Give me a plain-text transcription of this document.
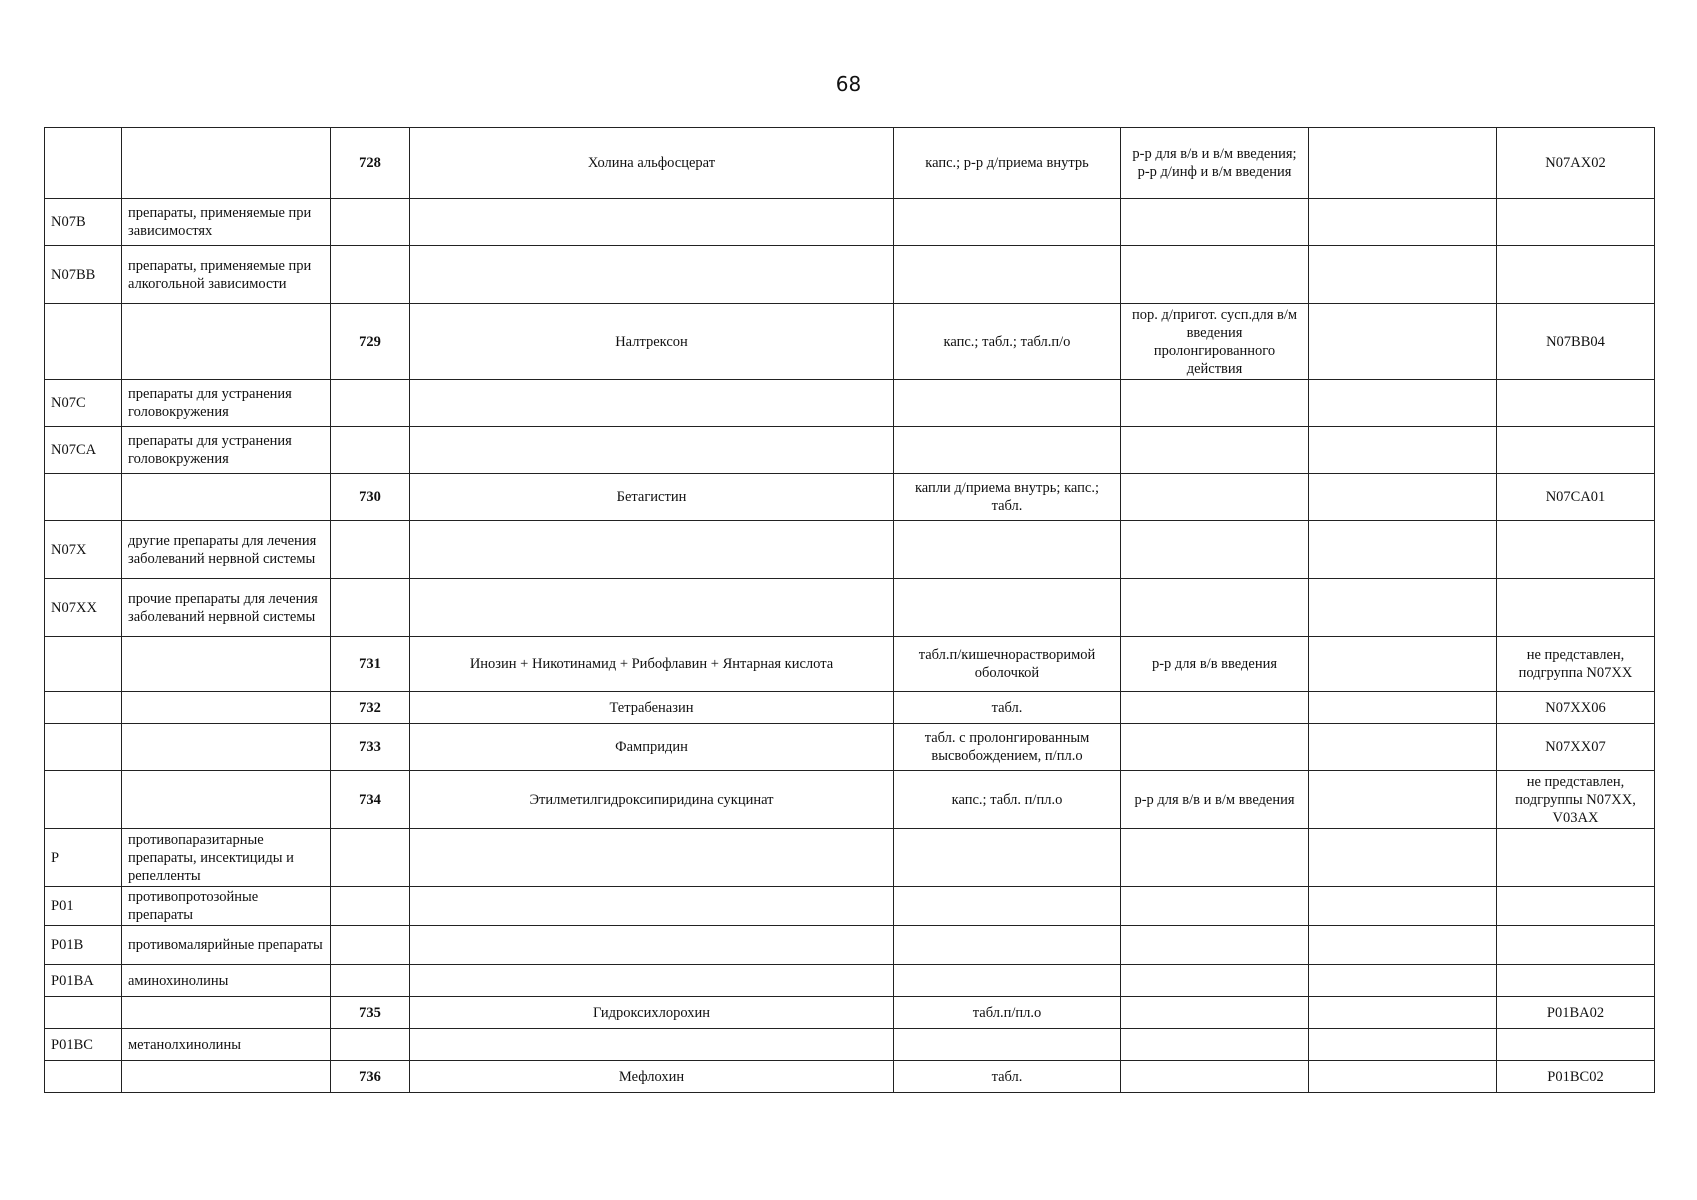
68
		728	Холина альфосцерат	капс.; р-р д/приема внутрь	р-р для в/в и в/м введения; р-р д/инф и в/м введения		N07AX02
N07B	препараты, применяемые при зависимостях						
N07BB	препараты, применяемые при алкогольной зависимости						
		729	Налтрексон	капс.; табл.; табл.п/о	пор. д/пригот. сусп.для в/м введения пролонгированного действия		N07BB04
N07C	препараты для устранения головокружения						
N07CA	препараты для устранения головокружения						
		730	Бетагистин	капли д/приема внутрь; капс.; табл.			N07CA01
N07X	другие препараты для лечения заболеваний нервной системы						
N07XX	прочие препараты для лечения заболеваний нервной системы						
		731	Инозин + Никотинамид + Рибофлавин + Янтарная кислота	табл.п/кишечнорастворимой оболочкой	р-р для в/в введения		не представлен, подгруппа N07XX
		732	Тетрабеназин	табл.			N07XX06
		733	Фампридин	табл. с пролонгированным высвобождением, п/пл.о			N07XX07
		734	Этилметилгидроксипиридина сукцинат	капс.; табл. п/пл.о	р-р для в/в и в/м введения		не представлен, подгруппы N07XX, V03AX
P	противопаразитарные препараты, инсектициды и репелленты						
P01	противопротозойные препараты						
P01B	противомалярийные препараты						
P01BA	аминохинолины						
		735	Гидроксихлорохин	табл.п/пл.о			P01BA02
P01BC	метанолхинолины						
		736	Мефлохин	табл.			P01BC02
